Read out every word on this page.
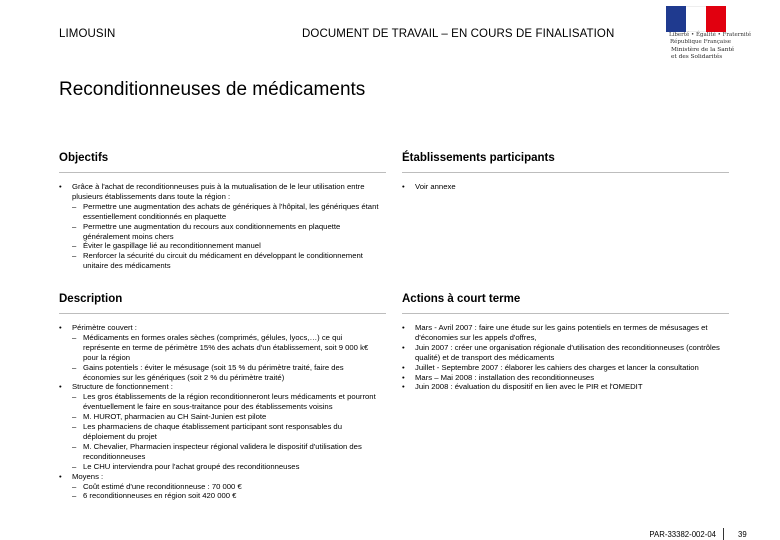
LIMOUSIN	DOCUMENT DE TRAVAIL – EN COURS DE FINALISATION	Liberté • Égalité • Fraternité
République Française
Ministère de la Santé
et des Solidarités
Reconditionneuses de médicaments
Objectifs
• Grâce à l'achat de reconditionneuses puis à la mutualisation de le leur utilisation entre plusieurs établissements dans toute la région :
– Permettre une augmentation des achats de génériques à l'hôpital, les génériques étant essentiellement conditionnés en plaquette
– Permettre une augmentation du recours aux conditionnements en plaquette généralement moins chers
– Éviter le gaspillage lié au reconditionnement manuel
– Renforcer la sécurité du circuit du médicament en développant le conditionnement unitaire des médicaments
Établissements participants
• Voir annexe
Description
• Périmètre couvert :
– Médicaments en formes orales sèches (comprimés, gélules, lyocs,…) ce qui représente en terme de périmètre 15% des achats d'un établissement, soit 9 000 k€ pour la région
– Gains potentiels : éviter le mésusage (soit 15 % du périmètre traité, faire des économies sur les génériques (soit 2 % du périmètre traité)
• Structure de fonctionnement :
– Les gros établissements de la région reconditionneront leurs médicaments et pourront éventuellement le faire en sous-traitance pour des établissements voisins
– M. HUROT, pharmacien au CH Saint-Junien est pilote
– Les pharmaciens de chaque établissement participant sont responsables du déploiement du projet
– M. Chevalier, Pharmacien inspecteur régional validera le dispositif d'utilisation des reconditionneuses
– Le CHU interviendra pour l'achat groupé des reconditionneuses
• Moyens :
– Coût estimé d'une reconditionneuse : 70 000 €
– 6 reconditionneuses en région soit 420 000 €
Actions à court terme
• Mars - Avril 2007 : faire une étude sur les gains potentiels en termes de mésusages et d'économies sur les appels d'offres,
• Juin 2007 : créer une organisation régionale d'utilisation des reconditionneuses (contrôles qualité) et de transport des médicaments
• Juillet - Septembre 2007 : élaborer les cahiers des charges et lancer la consultation
• Mars – Mai 2008 : installation des reconditionneuses
• Juin 2008 : évaluation du dispositif en lien avec le PIR et l'OMEDIT
PAR-33382-002-04	39
